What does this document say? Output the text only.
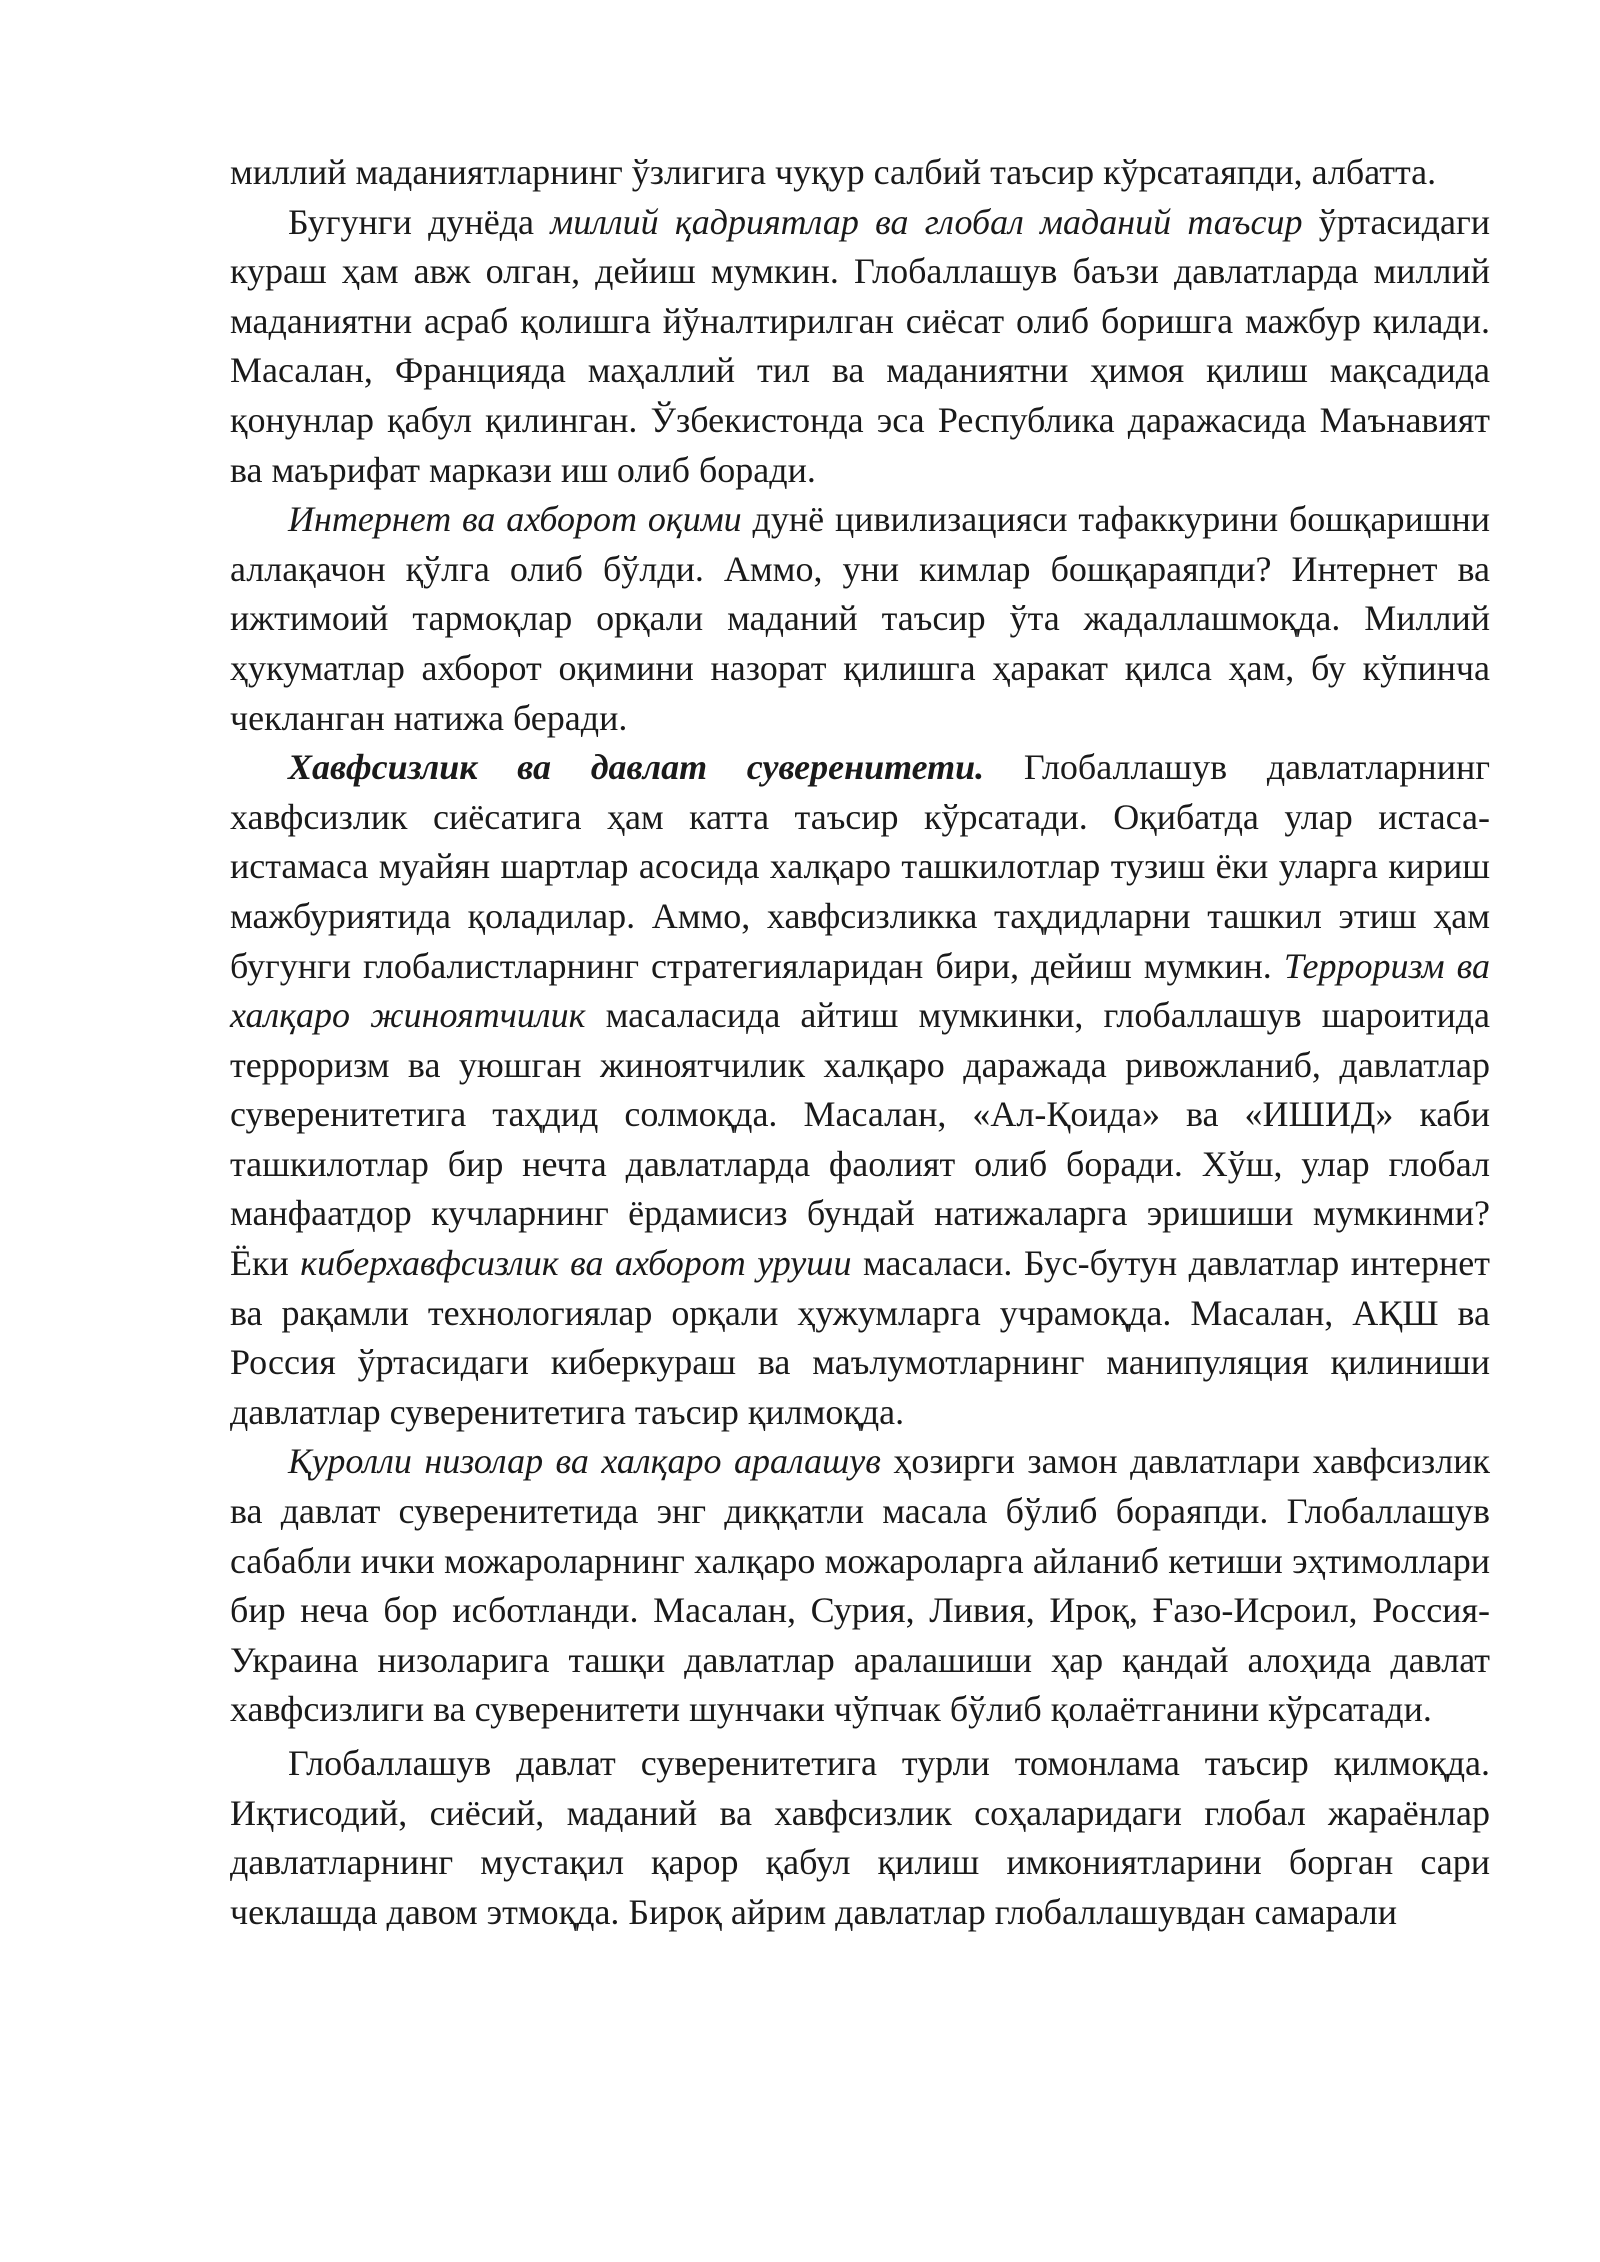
миллий маданиятларнинг ўзлигига чуқур салбий таъсир кўрсатаяпди, албатта.

Бугунги дунёда миллий қадриятлар ва глобал маданий таъсир ўртасидаги кураш ҳам авж олган, дейиш мумкин. Глобаллашув баъзи давлатларда миллий маданиятни асраб қолишга йўналтирилган сиёсат олиб боришга мажбур қилади. Масалан, Францияда маҳаллий тил ва маданиятни ҳимоя қилиш мақсадида қонунлар қабул қилинган. Ўзбекистонда эса Республика даражасида Маънавият ва маърифат маркази иш олиб боради.

Интернет ва ахборот оқими дунё цивилизацияси тафаккурини бошқаришни аллақачон қўлга олиб бўлди. Аммо, уни кимлар бошқараяпди? Интернет ва ижтимоий тармоқлар орқали маданий таъсир ўта жадаллашмоқда. Миллий ҳукуматлар ахборот оқимини назорат қилишга ҳаракат қилса ҳам, бу кўпинча чекланган натижа беради.

Хавфсизлик ва давлат суверенитети. Глобаллашув давлатларнинг хавфсизлик сиёсатига ҳам катта таъсир кўрсатади. Оқибатда улар истаса-истамаса муайян шартлар асосида халқаро ташкилотлар тузиш ёки уларга кириш мажбуриятида қоладилар. Аммо, хавфсизликка таҳдидларни ташкил этиш ҳам бугунги глобалистларнинг стратегияларидан бири, дейиш мумкин. Терроризм ва халқаро жиноятчилик масаласида айтиш мумкинки, глобаллашув шароитида терроризм ва уюшган жиноятчилик халқаро даражада ривожланиб, давлатлар суверенитетига таҳдид солмоқда. Масалан, «Ал-Қоида» ва «ИШИД» каби ташкилотлар бир нечта давлатларда фаолият олиб боради. Хўш, улар глобал манфаатдор кучларнинг ёрдамисиз бундай натижаларга эришиши мумкинми? Ёки киберхавфсизлик ва ахборот уруши масаласи. Бус-бутун давлатлар интернет ва рақамли технологиялар орқали ҳужумларга учрамоқда. Масалан, АҚШ ва Россия ўртасидаги киберкураш ва маълумотларнинг манипуляция қилиниши давлатлар суверенитетига таъсир қилмоқда.

Қуролли низолар ва халқаро аралашув ҳозирги замон давлатлари хавфсизлик ва давлат суверенитетида энг диққатли масала бўлиб бораяпди. Глобаллашув сабабли ички можароларнинг халқаро можароларга айланиб кетиши эҳтимоллари бир неча бор исботланди. Масалан, Сурия, Ливия, Ироқ, Ғазо-Исроил, Россия-Украина низоларига ташқи давлатлар аралашиши ҳар қандай алоҳида давлат хавфсизлиги ва суверенитети шунчаки чўпчак бўлиб қолаётганини кўрсатади.

Глобаллашув давлат суверенитетига турли томонлама таъсир қилмоқда. Иқтисодий, сиёсий, маданий ва хавфсизлик соҳаларидаги глобал жараёнлар давлатларнинг мустақил қарор қабул қилиш имкониятларини борган сари чеклашда давом этмоқда. Бироқ айрим давлатлар глобаллашувдан самарали
